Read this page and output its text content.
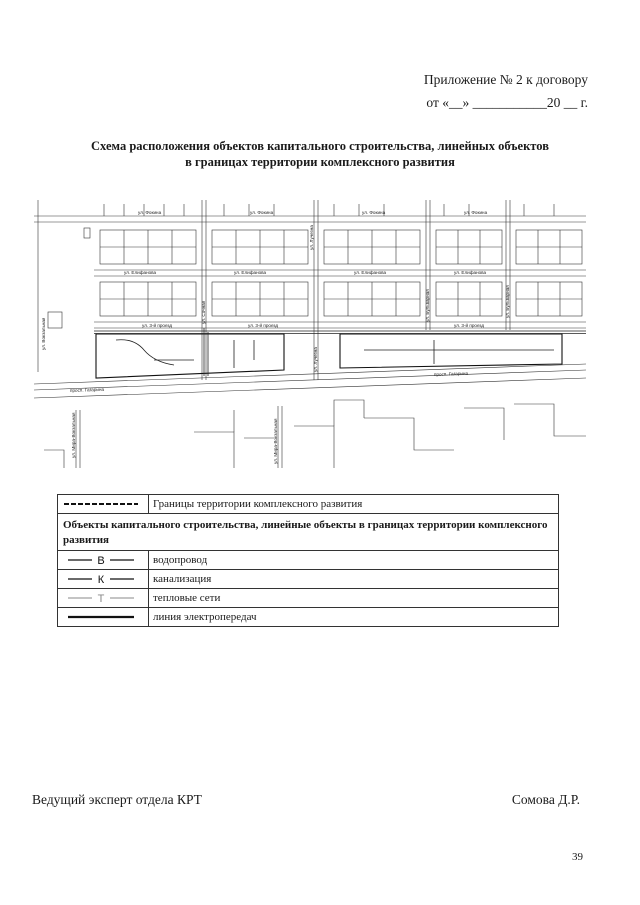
Приложение № 2 к договору
от «__» ___________20 __ г.
Схема расположения объектов капитального строительства, линейных объектов
в границах территории комплексного развития
ул. Фокина	ул. Фокина	ул. Фокина	ул. Фокина
ул. Елифанова	ул. Елифанова	ул. Елифанова	ул. Елифанова
ул. 3-й проезд	ул. 3-й проезд	ул. 3-й проезд
просп. Гагарина
просп. Гагарина
ул. Вокзальная
ул. Мира-Вокзальная	ул. Мира-Вокзальная
ул. Лучезна
ул. Лучезна
ул. Сочная	ул. Бульварная	ул. Бульварная
	Границы территории комплексного развития
Объекты капитального строительства, линейные объекты в границах территории комплексного развития	

В	водопровод

К	канализация

Т	тепловые сети

	линия электропередач
Ведущий эксперт отдела КРТ	Сомова Д.Р.
39
